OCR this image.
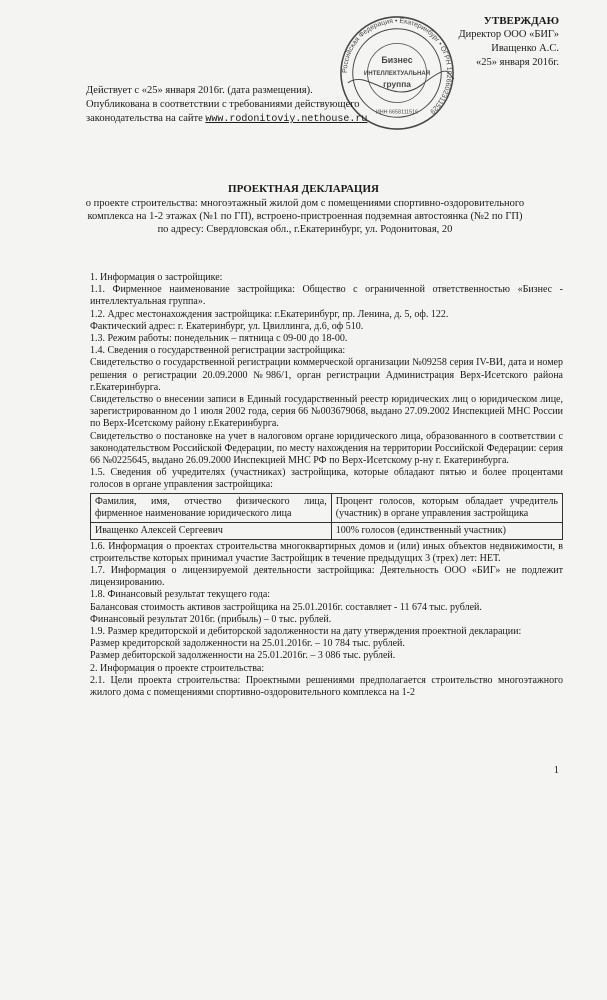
УТВЕРЖДАЮ
Директор ООО «БИГ»
Иващенко А.С.
«25» января 2016г.
Российская Федерация • Екатеринбург • ОГРН 1026602311529
Бизнес
ИНТЕЛЛЕКТУАЛЬНАЯ
группа
ИНН 6658111516
Действует с «25» января 2016г. (дата размещения).
Опубликована в соответствии с требованиями действующего
законодательства на сайте www.rodonitoviy.nethouse.ru
ПРОЕКТНАЯ ДЕКЛАРАЦИЯ
о проекте строительства: многоэтажный жилой дом с помещениями спортивно-оздоровительного
комплекса на 1-2 этажах (№1 по ГП), встроено-пристроенная подземная автостоянка (№2 по ГП)
по адресу: Свердловская обл., г.Екатеринбург, ул. Родонитовая, 20

1. Информация о застройщике:

1.1. Фирменное наименование застройщика: Общество с ограниченной ответственностью «Бизнес - интеллектуальная группа».

1.2. Адрес местонахождения застройщика: г.Екатеринбург, пр. Ленина, д. 5, оф. 122.

Фактический адрес: г. Екатеринбург, ул. Цвиллинга, д.6, оф 510.

1.3. Режим работы: понедельник – пятница с 09-00 до 18-00.

1.4. Сведения о государственной регистрации застройщика:

Свидетельство о государственной регистрации коммерческой организации №09258 серия IV-ВИ, дата и номер решения о регистрации 20.09.2000 №986/1, орган регистрации Администрация Верх-Исетского района г.Екатеринбурга.

Свидетельство о внесении записи в Единый государственный реестр юридических лиц о юридическом лице, зарегистрированном до 1 июля 2002 года, серия 66 №003679068, выдано 27.09.2002 Инспекцией МНС России по Верх-Исетскому району г.Екатеринбурга.

Свидетельство о постановке на учет в налоговом органе юридического лица, образованного в соответствии с законодательством Российской Федерации, по месту нахождения на территории Российской Федерации: серия 66 №0225645, выдано 26.09.2000 Инспекцией МНС РФ по Верх-Исетскому р-ну г. Екатеринбурга.

1.5. Сведения об учредителях (участниках) застройщика, которые обладают пятью и более процентами голосов в органе управления застройщика:

Фамилия, имя, отчество физического лица, фирменное наименование юридического лица	Процент голосов, которым обладает учредитель (участник) в органе управления застройщика
Иващенко Алексей Сергеевич	100% голосов (единственный участник)

1.6. Информация о проектах строительства многоквартирных домов и (или) иных объектов недвижимости, в строительстве которых принимал участие Застройщик в течение предыдущих 3 (трех) лет: НЕТ.

1.7. Информация о лицензируемой деятельности застройщика: Деятельность ООО «БИГ» не подлежит лицензированию.

1.8. Финансовый результат текущего года:

Балансовая стоимость активов застройщика на 25.01.2016г. составляет - 11 674 тыс. рублей.

Финансовый результат 2016г. (прибыль) – 0 тыс. рублей.

1.9. Размер кредиторской и дебиторской задолженности на дату утверждения проектной декларации:

Размер кредиторской задолженности на 25.01.2016г. – 10 784 тыс. рублей.

Размер дебиторской задолженности на 25.01.2016г. – 3 086 тыс. рублей.

2. Информация о проекте строительства:

2.1. Цели проекта строительства: Проектными решениями предполагается строительство многоэтажного жилого дома с помещениями спортивно-оздоровительного комплекса на 1-2

1
